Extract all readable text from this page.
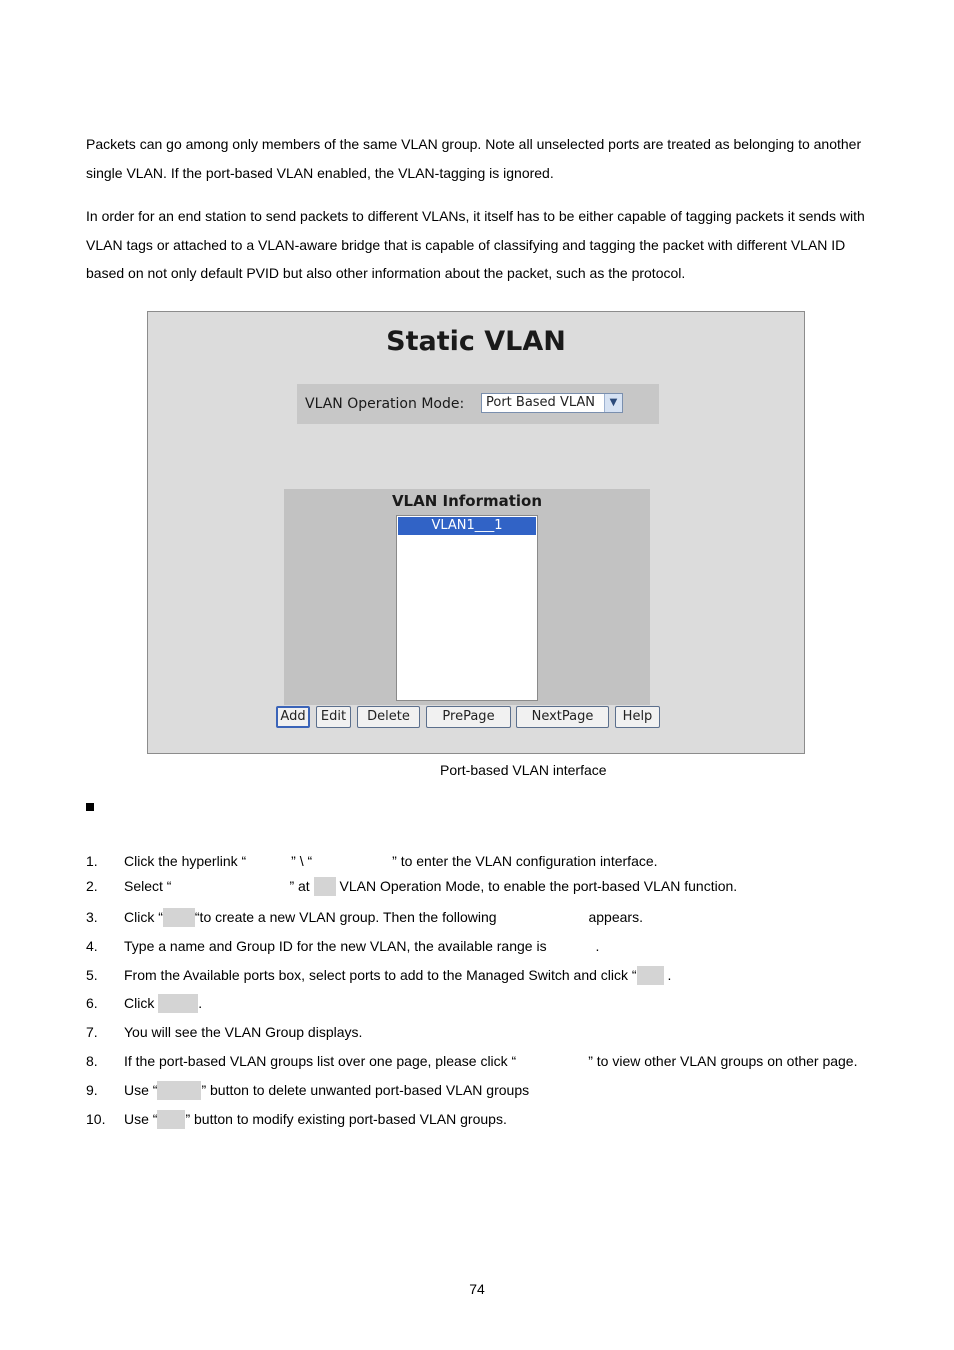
Packets can go among only members of the same VLAN group. Note all unselected ports are treated as belonging to another single VLAN. If the port-based VLAN enabled, the VLAN-tagging is ignored.

In order for an end station to send packets to different VLANs, it itself has to be either capable of tagging packets it sends with VLAN tags or attached to a VLAN-aware bridge that is capable of classifying and tagging the packet with different VLAN ID based on not only default PVID but also other information about the packet, such as the protocol.

Static VLAN
VLAN Operation Mode:	Port Based VLAN	▼
VLAN Information
VLAN1___1
Add	Edit	Delete	PrePage	NextPage	Help
Port-based VLAN interface
1. Click the hyperlink “	” \ “	” to enter the VLAN configuration interface.
2. Select “	” at  VLAN Operation Mode, to enable the port-based VLAN function.
3. Click “ “to create a new VLAN group. Then the following	appears.
4. Type a name and Group ID for the new VLAN, the available range is	.
5. From the Available ports box, select ports to add to the Managed Switch and click “ .
6. Click	.
7. You will see the VLAN Group displays.
8. If the port-based VLAN groups list over one page, please click “	” to view other VLAN groups on other page.
9. Use “	” button to delete unwanted port-based VLAN groups
10. Use “ ” button to modify existing port-based VLAN groups.
74
